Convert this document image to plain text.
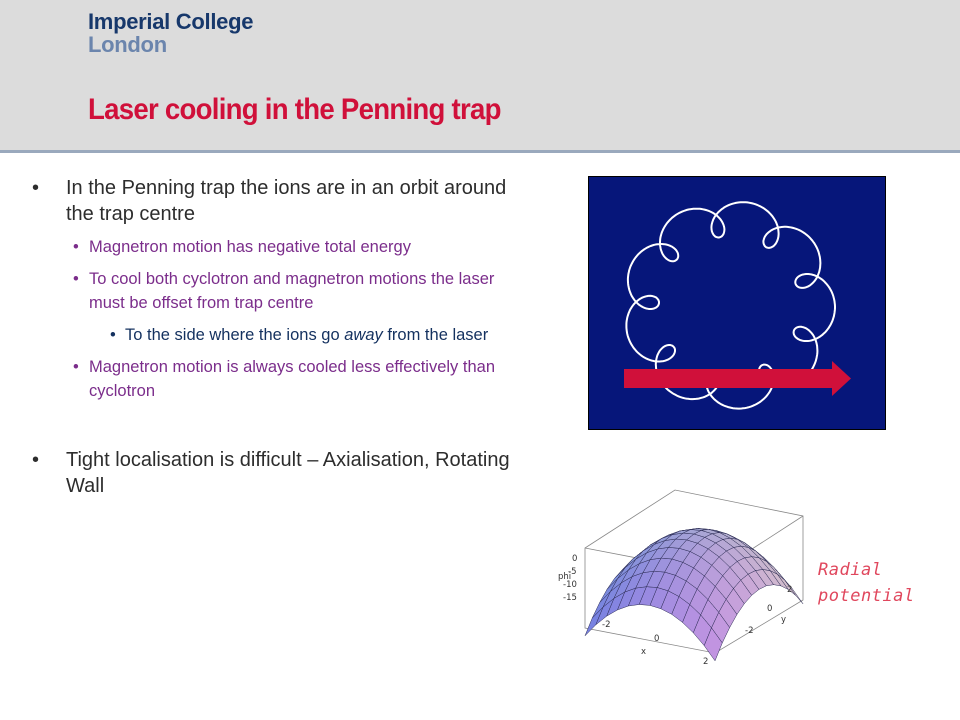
Imperial College
London
Laser cooling in the Penning trap
• In the Penning trap the ions are in an orbit around the trap centre
• Magnetron motion has negative total energy
• To cool both cyclotron and magnetron motions the laser must be offset from trap centre
• To the side where the ions go away from the laser
• Magnetron motion is always cooled less effectively than cyclotron
• Tight localisation is difficult – Axialisation, Rotating Wall
0
-5
-10
-15
phi
-2
0
2
x
2
0
-2
y
Radial
potential
